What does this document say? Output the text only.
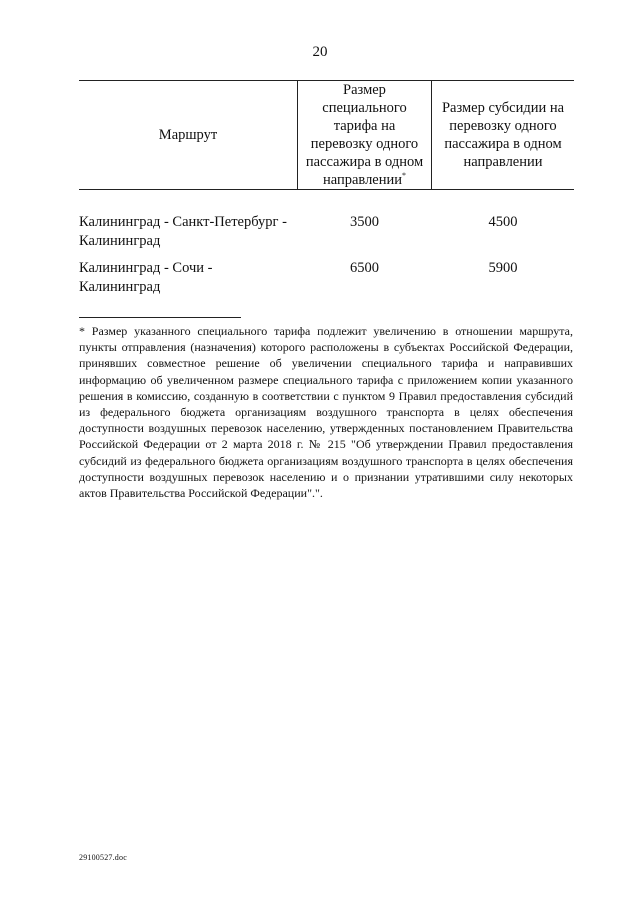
20
Маршрут
Размер специального тарифа на перевозку одного пассажира в одном направлении*
Размер субсидии на перевозку одного пассажира в одном направлении
Калининград - Санкт-Петербург - Калининград
3500	4500
Калининград - Сочи - Калининград
6500	5900
* Размер указанного специального тарифа подлежит увеличению в отношении маршрута, пункты отправления (назначения) которого расположены в субъектах Российской Федерации, принявших совместное решение об увеличении специального тарифа и направивших информацию об увеличенном размере специального тарифа с приложением копии указанного решения в комиссию, созданную в соответствии с пунктом 9 Правил предоставления субсидий из федерального бюджета организациям воздушного транспорта в целях обеспечения доступности воздушных перевозок населению, утвержденных постановлением Правительства Российской Федерации от 2 марта 2018 г. № 215 "Об утверждении Правил предоставления субсидий из федерального бюджета организациям воздушного транспорта в целях обеспечения доступности воздушных перевозок населению и о признании утратившими силу некоторых актов Правительства Российской Федерации".".
29100527.doc
